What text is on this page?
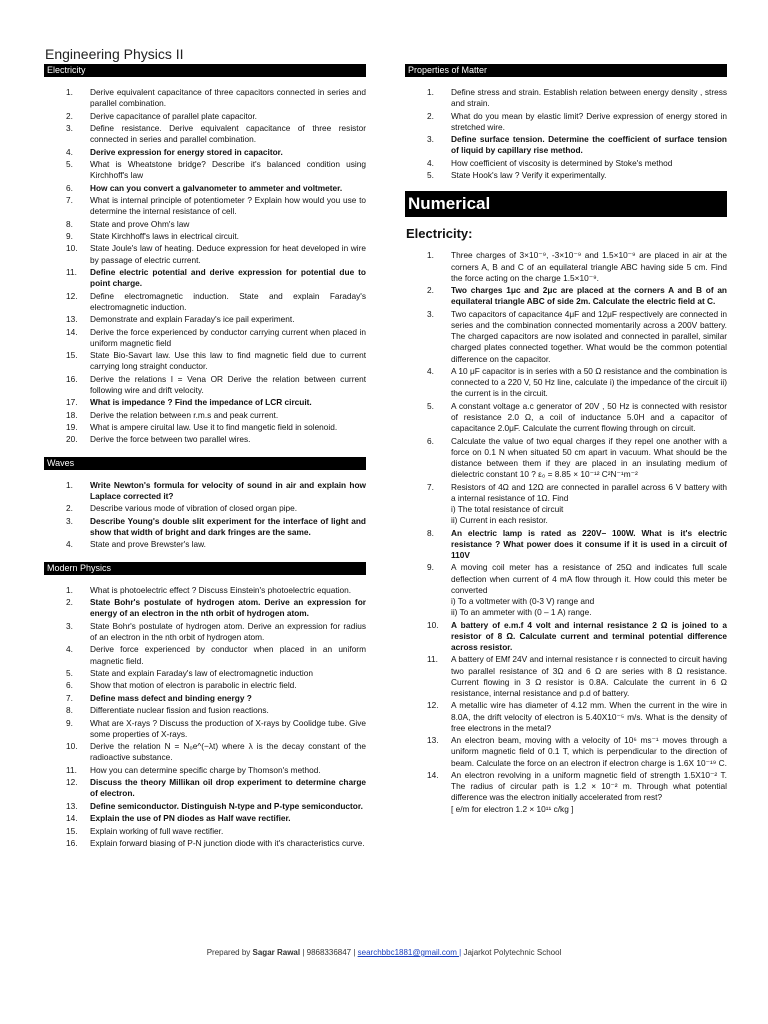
Engineering Physics II
Electricity
1.	Derive equivalent capacitance of three capacitors connected in series and parallel combination.
2.	Derive capacitance of parallel plate capacitor.
3.	Define resistance. Derive equivalent capacitance of three resistor connected in series and parallel combination.
4.	Derive expression for energy stored in capacitor.
5.	What is Wheatstone bridge? Describe it's balanced condition using Kirchhoff's law
6.	How can you convert a galvanometer to ammeter and voltmeter.
7.	What is internal principle of potentiometer ? Explain how would you use to determine the internal resistance of cell.
8.	State and prove Ohm's law
9.	State Kirchhoff's laws in electrical circuit.
10.	State Joule's law of heating. Deduce expression for heat developed in wire by passage of electric current.
11.	Define electric potential and derive expression for potential due to point charge.
12.	Define electromagnetic induction. State and explain Faraday's electromagnetic induction.
13.	Demonstrate and explain Faraday's ice pail experiment.
14.	Derive the force experienced by conductor carrying current when placed in uniform magnetic field
15.	State Bio-Savart law. Use this law to find magnetic field due to current carrying long straight conductor.
16.	Derive the relations I = Vena OR Derive the relation between current following wire and drift velocity.
17.	What is impedance ? Find the impedance of LCR circuit.
18.	Derive the relation between r.m.s and peak current.
19.	What is ampere ciruital law. Use it to find mangetic field in solenoid.
20.	Derive the force between two parallel wires.
Waves
1.	Write Newton's formula for velocity of sound in air and explain how Laplace corrected it?
2.	Describe various mode of vibration of closed organ pipe.
3.	Describe Young's double slit experiment for the interface of light and show that width of bright and dark fringes are the same.
4.	State and prove Brewster's law.
Modern Physics
1.	What is photoelectric effect ? Discuss Einstein's photoelectric equation.
2.	State Bohr's postulate of hydrogen atom. Derive an expression for energy of an electron in the nth orbit of hydrogen atom.
3.	State Bohr's postulate of hydrogen atom. Derive an expression for radius of an electron in the nth orbit of hydrogen atom.
4.	Derive force experienced by conductor when placed in an uniform magnetic field.
5.	State and explain Faraday's law of electromagnetic induction
6.	Show that motion of electron is parabolic in electric field.
7.	Define mass defect and binding energy ?
8.	Differentiate nuclear fission and fusion reactions.
9.	What are X-rays ? Discuss the production of X-rays by Coolidge tube. Give some properties of X-rays.
10.	Derive the relation N = N₀e^(−λt) where λ is the decay constant of the radioactive substance.
11.	How you can determine specific charge by Thomson's method.
12.	Discuss the theory Millikan oil drop experiment to determine charge of electron.
13.	Define semiconductor. Distinguish N-type and P-type semiconductor.
14.	Explain the use of PN diodes as Half wave rectifier.
15.	Explain working of full wave rectifier.
16.	Explain forward biasing of P-N junction diode with it's characteristics curve.
Properties of Matter
1.	Define stress and strain. Establish relation between energy density , stress and strain.
2.	What do you mean by elastic limit? Derive expression of energy stored in stretched wire.
3.	Define surface tension. Determine the coefficient of surface tension of liquid by capillary rise method.
4.	How coefficient of viscosity is determined by Stoke's method
5.	State Hook's law ? Verify it experimentally.
Numerical
Electricity:
1.	Three charges of 3×10⁻⁹, -3×10⁻⁹ and 1.5×10⁻⁹ are placed in air at the corners A, B and C of an equilateral triangle ABC having side 5 cm. Find the force acting on the charge 1.5×10⁻⁹.
2.	Two charges 1μc and 2μc are placed at the corners A and B of an equilateral triangle ABC of side 2m. Calculate the electric field at C.
3.	Two capacitors of capacitance 4μF and 12μF respectively are connected in series and the combination connected momentarily across a 200V battery. The charged capacitors are now isolated and connected in parallel, similar charged plates connected together. What would be the common potential difference on the capacitor.
4.	A 10 μF capacitor is in series with a 50 Ω resistance and the combination is connected to a 220 V, 50 Hz line, calculate i) the impedance of the circuit ii) the current is in the circuit.
5.	A constant voltage a.c generator of 20V , 50 Hz is connected with resistor of resistance 2.0 Ω, a coil of inductance 5.0H and a capacitor of capacitance 2.0μF. Calculate the current flowing through on circuit.
6.	Calculate the value of two equal charges if they repel one another with a force on 0.1 N when situated 50 cm apart in vacuum. What should be the distance between them if they are placed in an insulating medium of dielectric constant 10 ? ε₀ = 8.85 × 10⁻¹² C²N⁻¹m⁻²
7.	Resistors of 4Ω and 12Ω are connected in parallel across 6 V battery with a internal resistance of 1Ω. Find
i) The total resistance of circuit
ii) Current in each resistor.
8.	An electric lamp is rated as 220V– 100W. What is it's electric resistance ? What power does it consume if it is used in a circuit of 110V
9.	A moving coil meter has a resistance of 25Ω and indicates full scale deflection when current of 4 mA flow through it. How could this meter be converted
i) To a voltmeter with (0-3 V) range and
ii) To an ammeter with (0 – 1 A) range.
10.	A battery of e.m.f 4 volt and internal resistance 2 Ω is joined to a resistor of 8 Ω. Calculate current and terminal potential difference across resistor.
11.	A battery of EMf 24V and internal resistance r is connected to circuit having two parallel resistance of 3Ω and 6 Ω are series with 8 Ω resistance. Current flowing in 3 Ω resistor is 0.8A. Calculate the current in 6 Ω resistance, internal resistance and p.d of battery.
12.	A metallic wire has diameter of 4.12 mm. When the current in the wire in 8.0A, the drift velocity of electron is 5.40X10⁻⁵ m/s. What is the density of free electrons in the metal?
13.	An electron beam, moving with a velocity of 10⁶ ms⁻¹ moves through a uniform magnetic field of 0.1 T, which is perpendicular to the direction of beam. Calculate the force on an electron if electron charge is 1.6X 10⁻¹⁹ C.
14.	An electron revolving in a uniform magnetic field of strength 1.5X10⁻² T. The radius of circular path is 1.2 × 10⁻² m. Through what potential difference was the electron initially accelerated from rest?
[ e/m for electron 1.2 × 10¹¹ c/kg ]
Prepared by Sagar Rawal | 9868336847 | searchbbc1881@gmail.com | Jajarkot Polytechnic School
